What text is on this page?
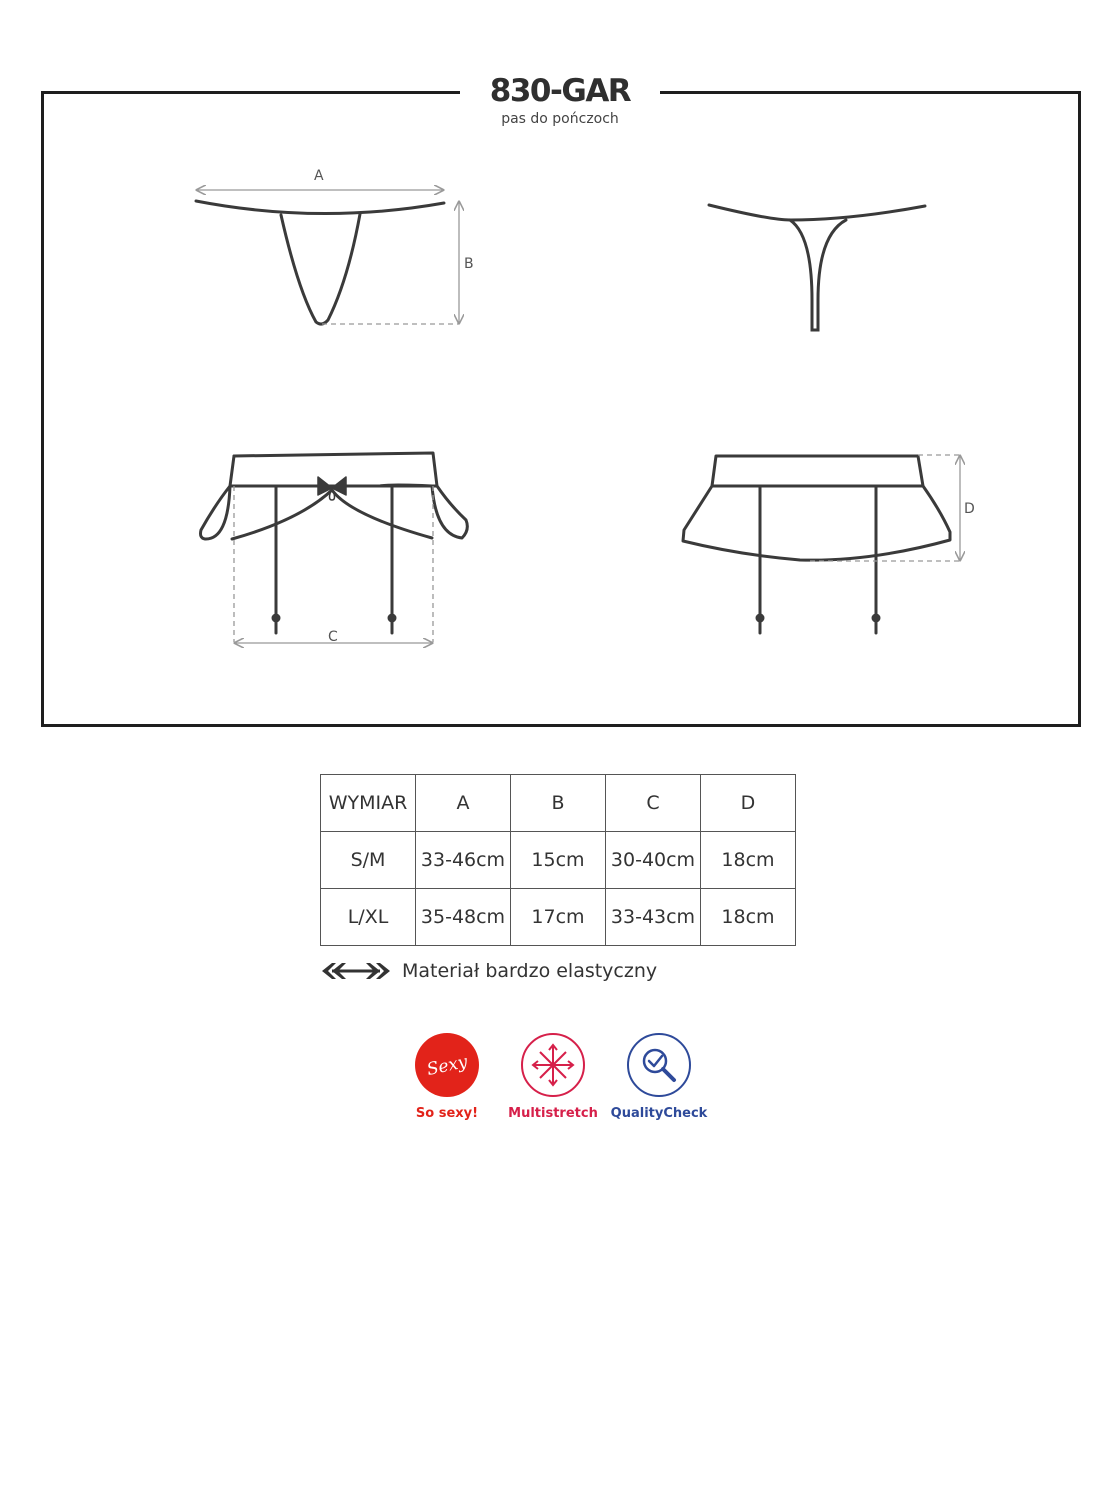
A
B
C
D
830-GAR
pas do pończoch
WYMIAR	A	B	C	D
S/M	33-46cm	15cm	30-40cm	18cm
L/XL	35-48cm	17cm	33-43cm	18cm
Materiał bardzo elastyczny
Sexy
So sexy!	Multistretch QualityCheck
